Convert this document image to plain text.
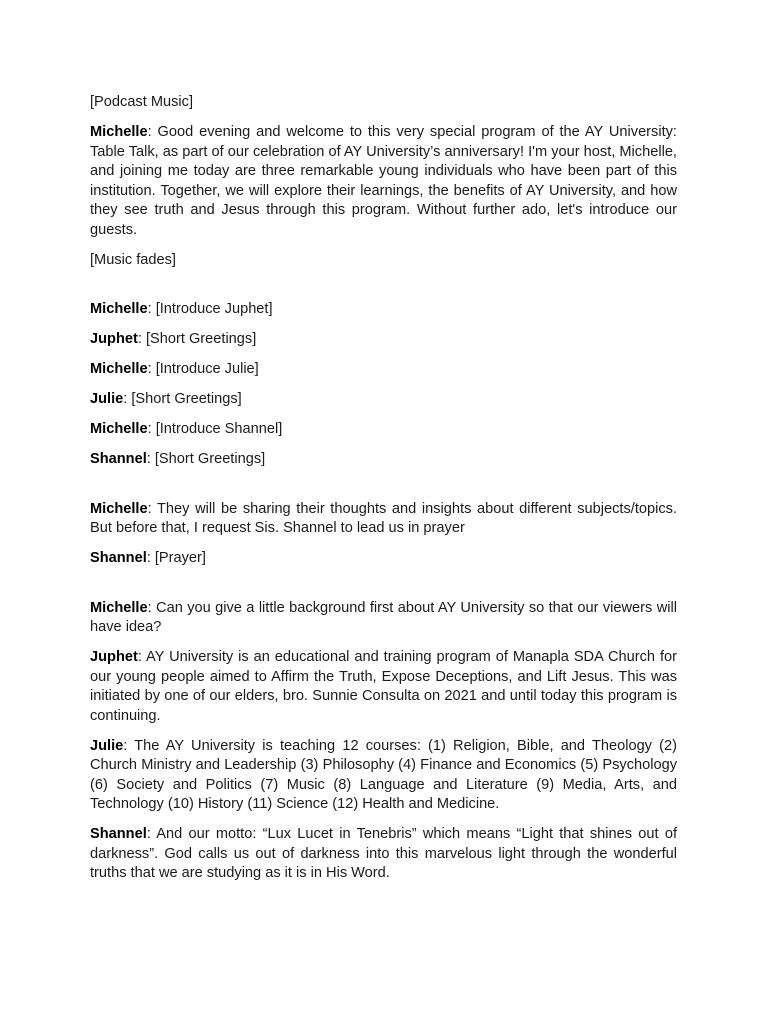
[Podcast Music]

Michelle: Good evening and welcome to this very special program of the AY University: Table Talk, as part of our celebration of AY University’s anniversary! I'm your host, Michelle, and joining me today are three remarkable young individuals who have been part of this institution. Together, we will explore their learnings, the benefits of AY University, and how they see truth and Jesus through this program. Without further ado, let's introduce our guests.

[Music fades]

Michelle: [Introduce Juphet]

Juphet: [Short Greetings]

Michelle: [Introduce Julie]

Julie: [Short Greetings]

Michelle: [Introduce Shannel]

Shannel: [Short Greetings]

Michelle: They will be sharing their thoughts and insights about different subjects/topics. But before that, I request Sis. Shannel to lead us in prayer

Shannel: [Prayer]

Michelle: Can you give a little background first about AY University so that our viewers will have idea?

Juphet: AY University is an educational and training program of Manapla SDA Church for our young people aimed to Affirm the Truth, Expose Deceptions, and Lift Jesus. This was initiated by one of our elders, bro. Sunnie Consulta on 2021 and until today this program is continuing.

Julie: The AY University is teaching 12 courses: (1) Religion, Bible, and Theology (2) Church Ministry and Leadership (3) Philosophy (4) Finance and Economics (5) Psychology (6) Society and Politics (7) Music (8) Language and Literature (9) Media, Arts, and Technology (10) History (11) Science (12) Health and Medicine.

Shannel: And our motto: “Lux Lucet in Tenebris” which means “Light that shines out of darkness”. God calls us out of darkness into this marvelous light through the wonderful truths that we are studying as it is in His Word.
